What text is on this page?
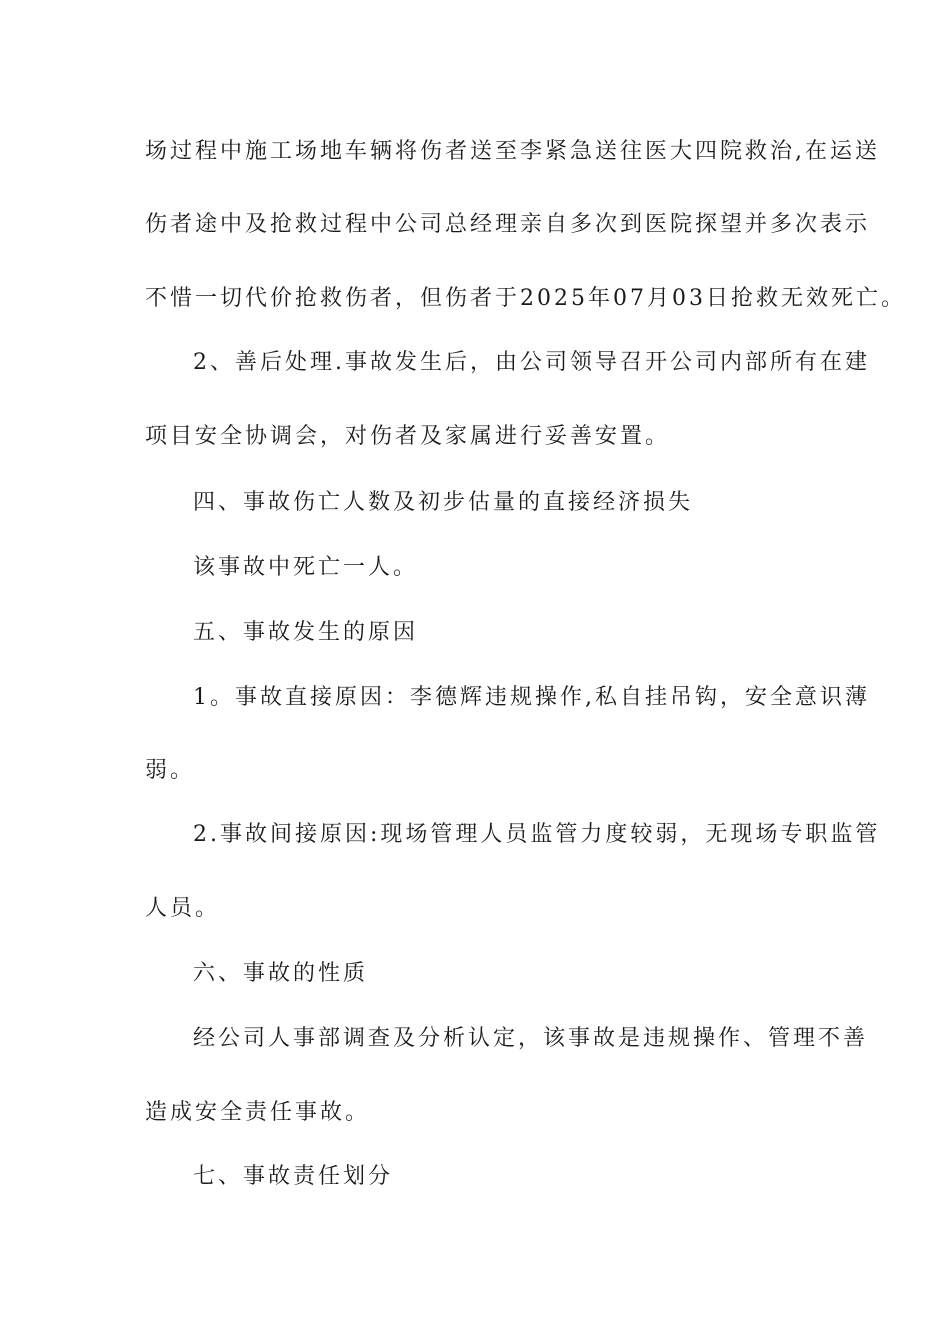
场过程中施工场地车辆将伤者送至李紧急送往医大四院救治,在运送
伤者途中及抢救过程中公司总经理亲自多次到医院探望并多次表示
不惜一切代价抢救伤者，但伤者于2025年07月03日抢救无效死亡。
2、善后处理.事故发生后，由公司领导召开公司内部所有在建
项目安全协调会，对伤者及家属进行妥善安置。
四、事故伤亡人数及初步估量的直接经济损失
该事故中死亡一人。
五、事故发生的原因
1。事故直接原因：李德辉违规操作,私自挂吊钩，安全意识薄
弱。
2.事故间接原因:现场管理人员监管力度较弱，无现场专职监管
人员。
六、事故的性质
经公司人事部调查及分析认定，该事故是违规操作、管理不善
造成安全责任事故。
七、事故责任划分
